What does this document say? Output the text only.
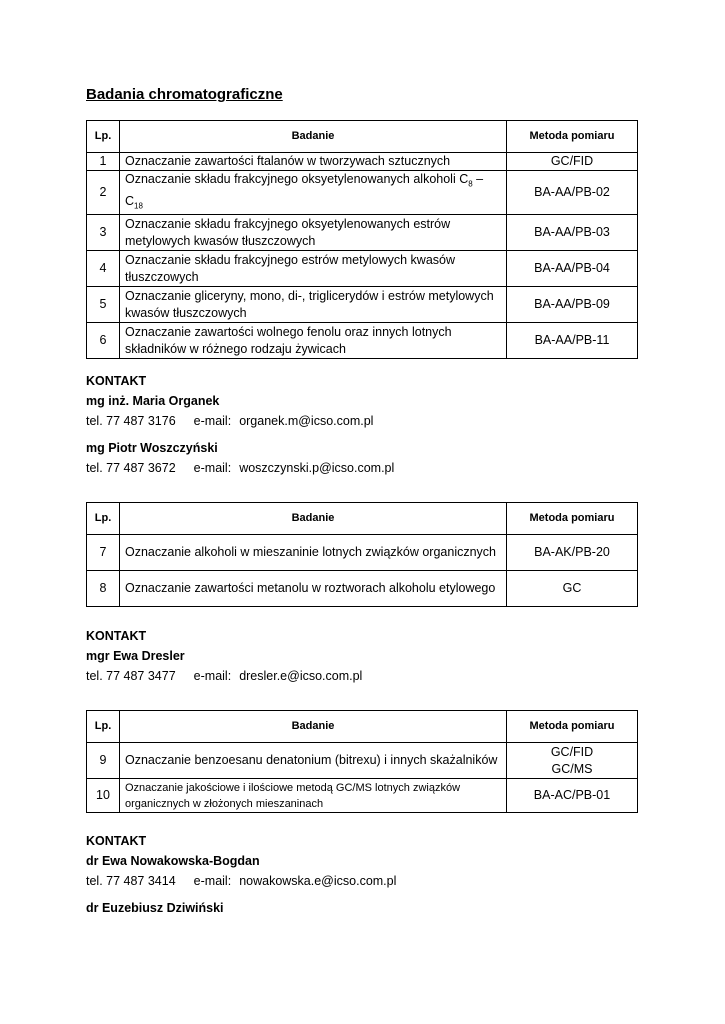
Badania chromatograficzne
Lp.	Badanie	Metoda pomiaru
1	Oznaczanie zawartości ftalanów w tworzywach sztucznych	GC/FID
2	Oznaczanie składu frakcyjnego oksyetylenowanych alkoholi $C_8 - C_{18}$	BA-AA/PB-02
3	Oznaczanie składu frakcyjnego oksyetylenowanych estrów metylowych kwasów tłuszczowych	BA-AA/PB-03
4	Oznaczanie składu frakcyjnego estrów metylowych kwasów tłuszczowych	BA-AA/PB-04
5	Oznaczanie gliceryny, mono, di-, triglicerydów i estrów metylowych kwasów tłuszczowych	BA-AA/PB-09
6	Oznaczanie zawartości wolnego fenolu oraz innych lotnych składników w różnego rodzaju żywicach	BA-AA/PB-11
KONTAKT
mg inż. Maria Organek
tel. 77 487 3176 e-mail: organek.m@icso.com.pl
mg Piotr Woszczyński
tel. 77 487 3672 e-mail: woszczynski.p@icso.com.pl
Lp.	Badanie	Metoda pomiaru
7	Oznaczanie alkoholi w mieszaninie lotnych związków organicznych	BA-AK/PB-20
8	Oznaczanie zawartości metanolu w roztworach alkoholu etylowego	GC
KONTAKT
mgr Ewa Dresler
tel. 77 487 3477 e-mail: dresler.e@icso.com.pl
Lp.	Badanie	Metoda pomiaru
9	Oznaczanie benzoesanu denatonium (bitrexu) i innych skażalników	GC/FID
GC/MS

10	Oznaczanie jakościowe i ilościowe metodą GC/MS lotnych związków organicznych w złożonych mieszaninach	BA-AC/PB-01
KONTAKT
dr Ewa Nowakowska-Bogdan
tel. 77 487 3414 e-mail: nowakowska.e@icso.com.pl
dr Euzebiusz Dziwiński
